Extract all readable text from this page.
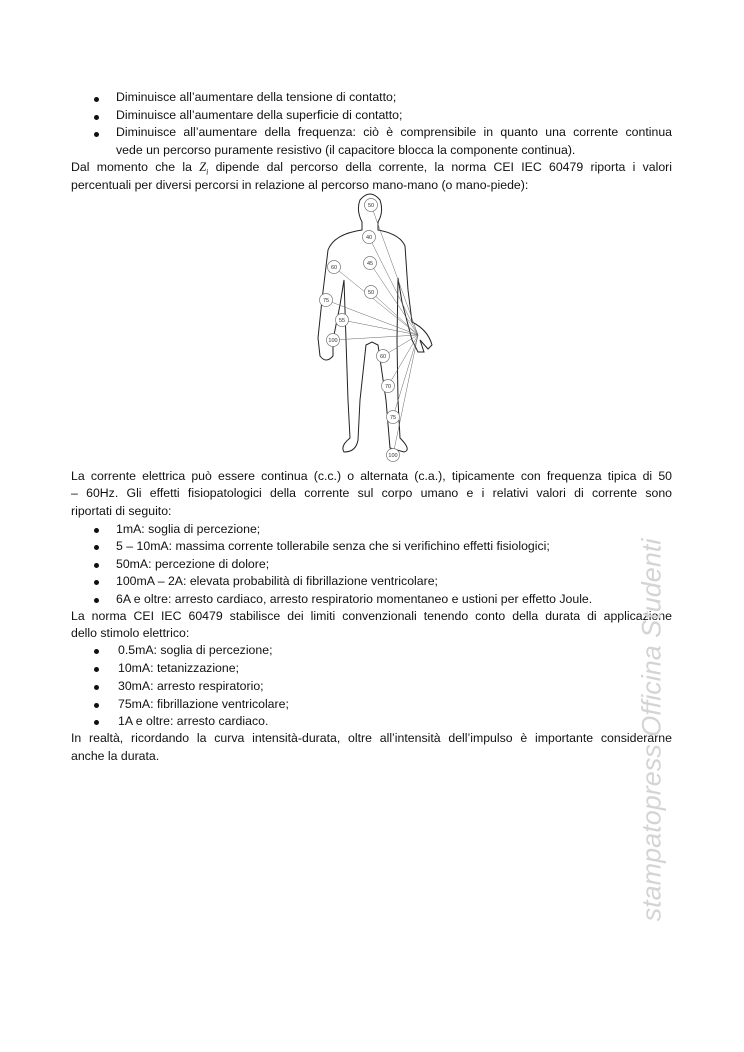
Diminuisce all’aumentare della tensione di contatto;
Diminuisce all’aumentare della superficie di contatto;
Diminuisce all’aumentare della frequenza: ciò è comprensibile in quanto una corrente continua
vede un percorso puramente resistivo (il capacitore blocca la componente continua).
Dal momento che la $Z_i$ dipende dal percorso della corrente, la norma CEI IEC 60479 riporta i valori
percentuali per diversi percorsi in relazione al percorso mano-mano (o mano-piede):
50
40
45
60
50
75
55
100
60
70
75
100
La corrente elettrica può essere continua (c.c.) o alternata (c.a.), tipicamente con frequenza tipica di 50
– 60Hz. Gli effetti fisiopatologici della corrente sul corpo umano e i relativi valori di corrente sono
riportati di seguito:
1mA: soglia di percezione;
5 – 10mA: massima corrente tollerabile senza che si verifichino effetti fisiologici;
50mA: percezione di dolore;
100mA – 2A: elevata probabilità di fibrillazione ventricolare;
6A e oltre: arresto cardiaco, arresto respiratorio momentaneo e ustioni per effetto Joule.
La norma CEI IEC 60479 stabilisce dei limiti convenzionali tenendo conto della durata di applicazione
dello stimolo elettrico:
0.5mA: soglia di percezione;
10mA: tetanizzazione;
30mA: arresto respiratorio;
75mA: fibrillazione ventricolare;
1A e oltre: arresto cardiaco.
In realtà, ricordando la curva intensità-durata, oltre all’intensità dell’impulso è importante considerarne
anche la durata.	stampatopress Officina Studenti
